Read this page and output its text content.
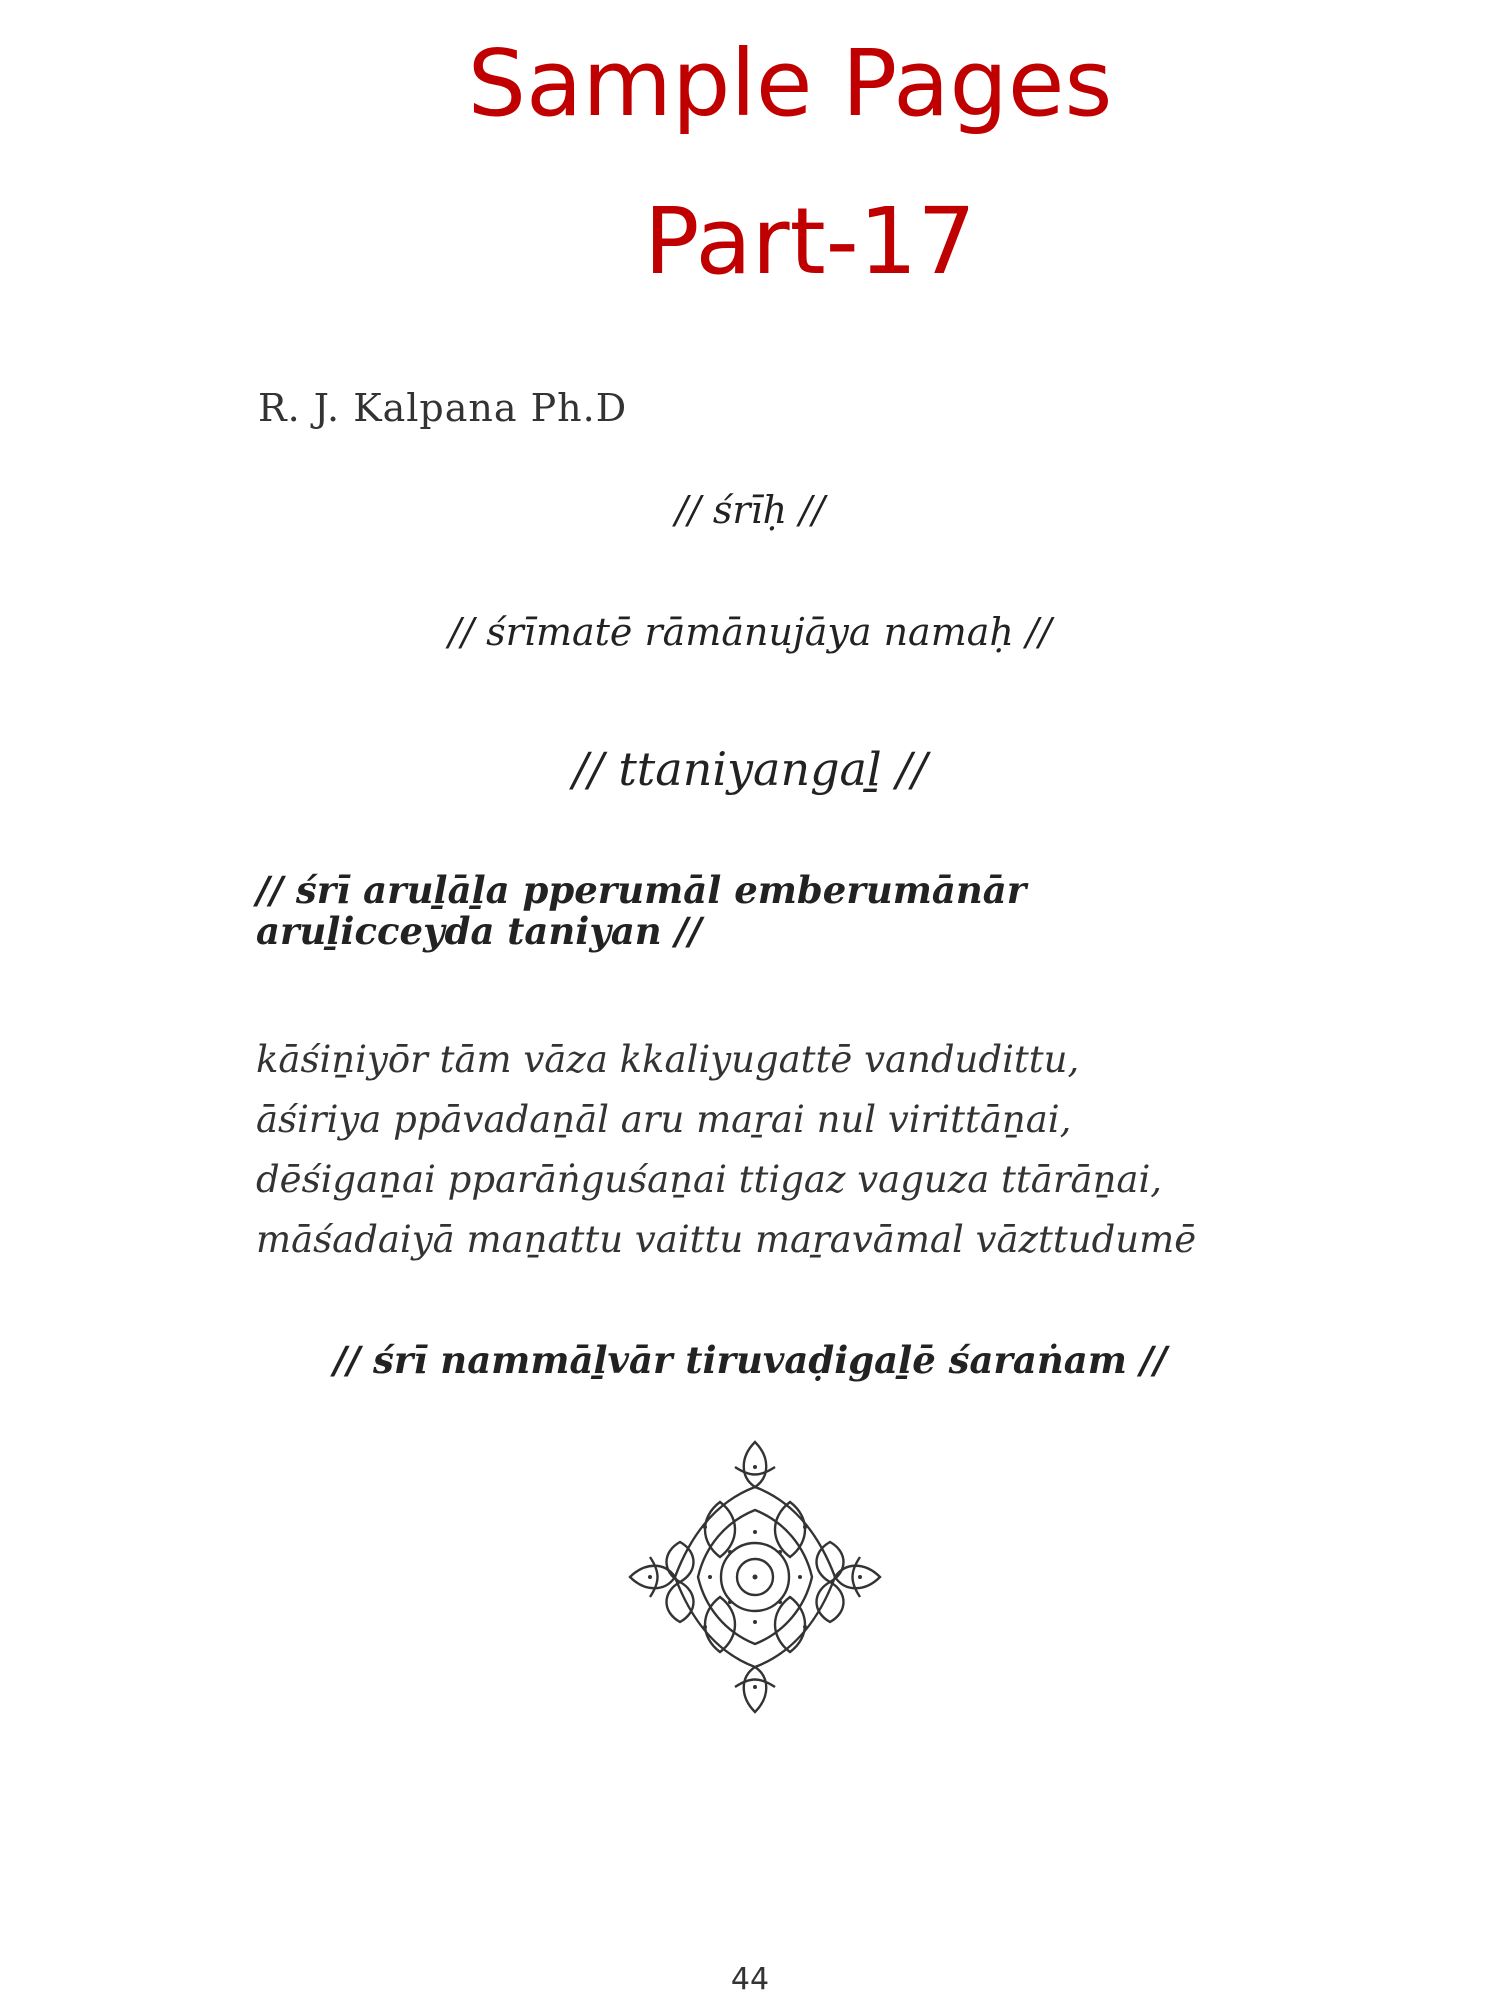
Sample Pages
Part-17
R. J. Kalpana Ph.D
// śrīḥ //
// śrīmatē rāmānujāya namaḥ //
// ttaniyangaḻ //
// śrī aruḻāḻa pperumāl emberumānār aruḻicceyda taniyan //
kāśiṉiyōr tām vāza kkaliyugattē vandudittu,
āśiriya ppāvadaṉāl aru maṟai nul virittāṉai,
dēśigaṉai pparāṅguśaṉai ttigaz vaguza ttārāṉai,
māśadaiyā maṉattu vaittu maṟavāmal vāzttudumē
// śrī nammāḻvār tiruvaḍigaḻē śaraṅam //
44
